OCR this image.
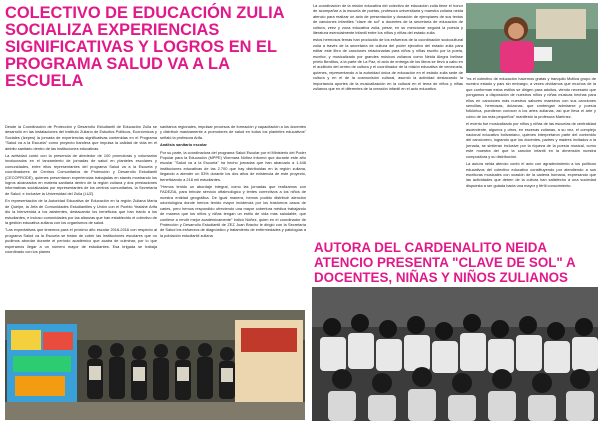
COLECTIVO DE EDUCACIÓN ZULIA SOCIALIZA EXPERIENCIAS SIGNIFICATIVAS Y LOGROS EN EL PROGRAMA SALUD VA A LA ESCUELA

Desde la Coordinación de Protección y Desarrollo Estudiantil de Educación Zulia se desarrolló en las instalaciones del Instituto Zuliano de Estudios Políticos, Económicos y Sociales (Izepes) la jornada de experiencias significativas contenidas en el Programa "Salud va a la Escuela" como proyecto bandera que impulsa la calidad de vida en el ámbito sanitario dentro de las instituciones educativas.

La actividad contó con la presencia de alrededor de 100 promotoras y voluntarios involucrados en el lanzamiento de jornadas de salud en planteles escolares y comunidades, entre ellos representantes del programa Salud va a la Escuela y coordinadores de Centros Comunitarios de Protección y Desarrollo Estudiantil (CECOPRODE), quienes presentaron experiencias trabajadas en stands mostrando los logros alcanzados en materia sanitaria dentro de la región zuliana y dos prestaciones informativas socializadas por representantes de los centros comunitarios, la Secretaría de Salud, e inclusive la Universidad del Zulia (LUZ).

En representación de la Autoridad Educativa de Educación en la región Zuliana María de Quelpe, la Jefa de Comunidades Estudiantiles y Unión con el Pueblo Yealahe Arifa dio la bienvenida a los asistentes, destacando los beneficios que han traído a los estudiantes, e incluso comunidades por las alianzas que han establecido el colectivo de la gestión educativa zuliana con los organismos de salud.

"Las expectativas que tenemos para el próximo año escolar 2016-2016 con respecto al programa Salud va la Escuela se tratan de cubrir las instituciones escolares que no pudimos abordar durante el período académico que acaba de culminar, por lo que esperamos llegar a un número mayor de estudiantes. Esa brigada se trabaja coordinado con los planes

sanitarios regionales, impulsar procesos de formación y capacitación a los docentes y distribuir masivamente a promotores de salud en todos los planteles educativos" señaló la profesora Arifa.

Análisis sanitario escolar

Por su parte, la coordinadora del programa Salud Escolar por el Ministerio del Poder Popular para la Educación (MPPE) Wormara Núñez informó que durante este año escolar "Salud va a la Escuela" ha hecho jornadas que han abarcado a 1.446 instituciones educativas de las 2.700 que hay distribuidas en la región zuliana, llegando a atender un 53% durante los dos años de existencia de este proyecto, beneficiando a 218 mil estudiantes.

"Hemos tenido un abordaje integral, como las jornadas que realizamos con FADEZIA, para brindar servicio oftalmológico y lentes correctivos a los niños de nuestra entidad geográfica. De igual manera, hemos podido distribuir atención odontológica donde hemos tenido mayor incidencia por los trastornos casos de caries, pero hemos respondido ofreciendo una mayor cobertura médica trabajando de manera que los niños y niñas tengan un estilo de vida más saludable, que conlleve a rendir mejor académicamente" indicó Núñez, quien en el coordinador de Protección y Desarrollo Estudiantil de ZEZ Juan Bracho le dirigió con la Secretaría de Salud los esfuerzos de diagnóstico y tratamiento de enfermedades y patologías a la población estudiantil zuliana

La coordinación de la misión educativa del colectivo de educación zulia tiene el honor de acompañar a la escuela de poetas, profesora universitaria y maestra zuliana neida atencio para realizar un acto de presentación y donación de ejemplares de sus textos de canciones infantiles "clave de sol" a docentes de la secretaría de educación de cultura, zeez y zona educativa zulia, pesar, en su mencionar seguirá la poesía y literatura esencialmente infantil entre los niños y niñas del estado zulia.

estos hermosos temas han producido de los esfuerzos de la coordinación sociocultural zulia a través de la secretaría de cultura del poder ejecutivo del estado zulia para editar este libro de canciones relacionadas para niños y niñas escrito por la poeta, escritor, y musicalizado por grandes músicos zulianos como Neida Alegra Ivelisse prieto Berditos, a la parte de La Paz, el acto de entrega de los libros se llevó a cabo en el auditorio del centro de cultura y el coordinador de la misión educativa de venezuela, quienes, representando a la autoridad única de educación en el estado zulia sede de cultura y en el de la cosmovisión cultural, asumió la actividad destacando la importancia aportes de la musicalización en la cultural en el tema de niños y niñas zulianos que en el diferentes de la creación infantil en el acto educativo.

"es el colectivo de educación hacemos gratas y tranquilo Mollica grupo de nuestro estado y país sin embargo, a veces olvidamos que muchos de la que conforman estos estilos se dirigen para adultos, viendo necesario que pongamos a disposición de nuestros niños y niñas músicas hechas para ellos en canciones más nuestros sabores maestros con sus canciones sencillas, hermosas, dulzonas, que contengan admirarse y poesía folklórica, puedieron conocer a los artes zulianas, así que lleva el arte y cómo de los más pequeños" manifestó la profesora Martínez.

el evento fue musicalizado por niños y niñas de las escuelas de centralidad ascendente, algunos y otros, en escenas zulianas, a su vez, el complejo nacional educativo bolivariano, quienes interpretaron parte del contenido del cancionero, logrando que los docentes, padres y madres invitados a la jornada, se sintieran inclusive por la riqueza de la poesía musical, como este muestra del que la canción infantil en la dimensión nuestra compositora y su distribución.

La autora neida atencio contó el acto con agradecimiento a los políticos educativos del colectivo educativo constituyendo por atendiendo a sus escrituras musicales con ocasión de la cadena humana, expresando que las actividades que deben de la cultura han satisfecho a una sociedad dispuesta a ser guiada hacia una mayor y fértil conocimiento.

AUTORA DEL CARDENALITO NEIDA ATENCIO PRESENTA "CLAVE DE SOL" A DOCENTES, NIÑAS Y NIÑOS ZULIANOS
